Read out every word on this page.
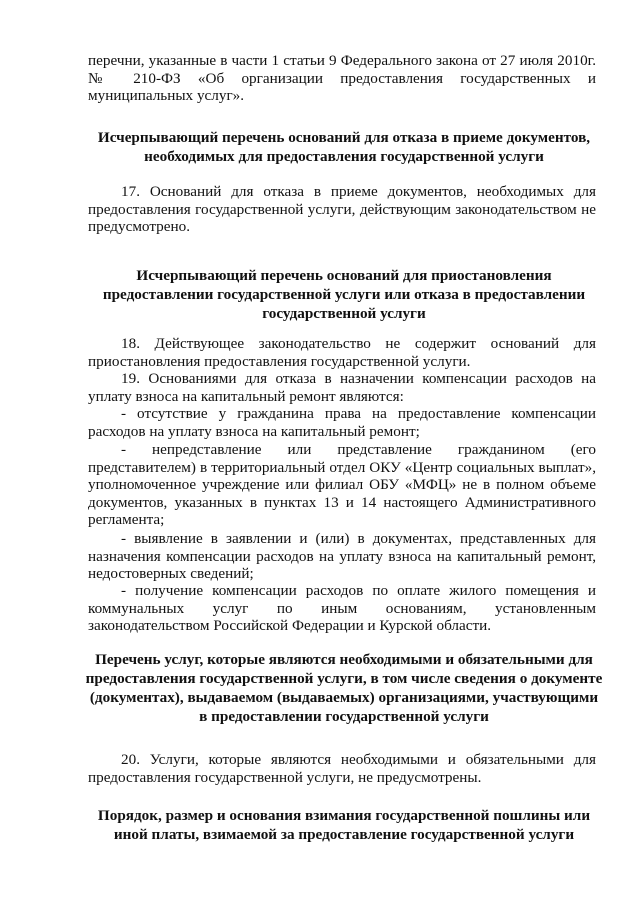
перечни, указанные в части 1 статьи 9 Федерального закона от 27 июля 2010г. № 210-ФЗ «Об организации предоставления государственных и муниципальных услуг».

Исчерпывающий перечень оснований для отказа в приеме документов, необходимых для предоставления государственной услуги

17. Оснований для отказа в приеме документов, необходимых для предоставления государственной услуги, действующим законодательством не предусмотрено.

Исчерпывающий перечень оснований для приостановления предоставлении государственной услуги или отказа в предоставлении государственной услуги

18. Действующее законодательство не содержит оснований для приостановления предоставления государственной услуги.

19. Основаниями для отказа в назначении компенсации расходов на уплату взноса на капитальный ремонт являются:

- отсутствие у гражданина права на предоставление компенсации расходов на уплату взноса на капитальный ремонт;

- непредставление или представление гражданином (его представителем) в территориальный отдел ОКУ «Центр социальных выплат», уполномоченное учреждение или филиал ОБУ «МФЦ» не в полном объеме документов, указанных в пунктах 13 и 14 настоящего Административного регламента;

- выявление в заявлении и (или) в документах, представленных для назначения компенсации расходов на уплату взноса на капитальный ремонт, недостоверных сведений;

- получение компенсации расходов по оплате жилого помещения и коммунальных услуг по иным основаниям, установленным законодательством Российской Федерации и Курской области.

Перечень услуг, которые являются необходимыми и обязательными для предоставления государственной услуги, в том числе сведения о документе (документах), выдаваемом (выдаваемых) организациями, участвующими в предоставлении государственной услуги

20. Услуги, которые являются необходимыми и обязательными для предоставления государственной услуги, не предусмотрены.

Порядок, размер и основания взимания государственной пошлины или иной платы, взимаемой за предоставление государственной услуги
